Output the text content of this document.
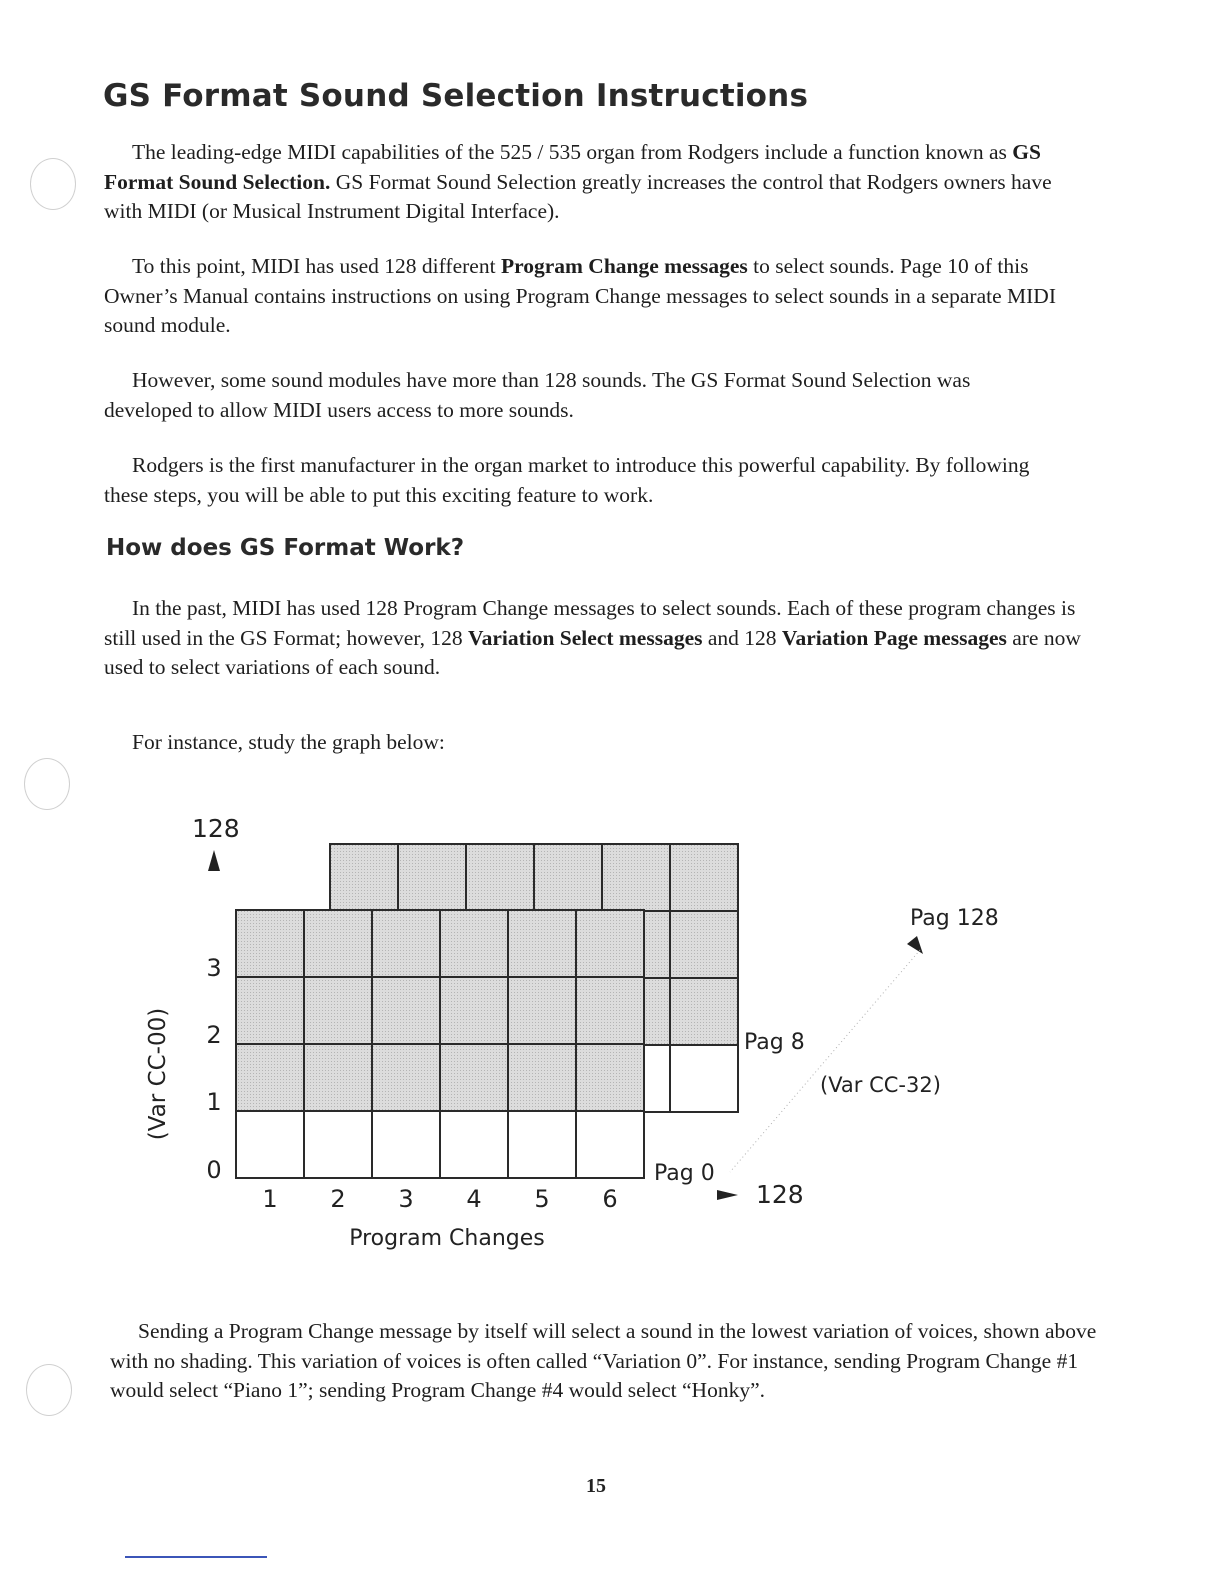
GS Format Sound Selection Instructions

The leading-edge MIDI capabilities of the 525 / 535 organ from Rodgers include a function known as GS Format Sound Selection. GS Format Sound Selection greatly increases the control that Rodgers owners have with MIDI (or Musical Instrument Digital Interface).

To this point, MIDI has used 128 different Program Change messages to select sounds. Page 10 of this Owner’s Manual contains instructions on using Program Change messages to select sounds in a separate MIDI sound module.

However, some sound modules have more than 128 sounds. The GS Format Sound Selection was developed to allow MIDI users access to more sounds.

Rodgers is the first manufacturer in the organ market to introduce this powerful capability. By following these steps, you will be able to put this exciting feature to work.

How does GS Format Work?

In the past, MIDI has used 128 Program Change messages to select sounds. Each of these program changes is still used in the GS Format; however, 128 Variation Select messages and 128 Variation Page messages are now used to select variations of each sound.

For instance, study the graph below:

128
0
1
2
3
(Var CC-00)
1 2 3 4 5 6	128
Program Changes
Pag 0
Pag 8
Pag 128
(Var CC-32)

Sending a Program Change message by itself will select a sound in the lowest variation of voices, shown above with no shading. This variation of voices is often called “Variation 0”. For instance, sending Program Change #1 would select “Piano 1”; sending Program Change #4 would select “Honky”.

15
